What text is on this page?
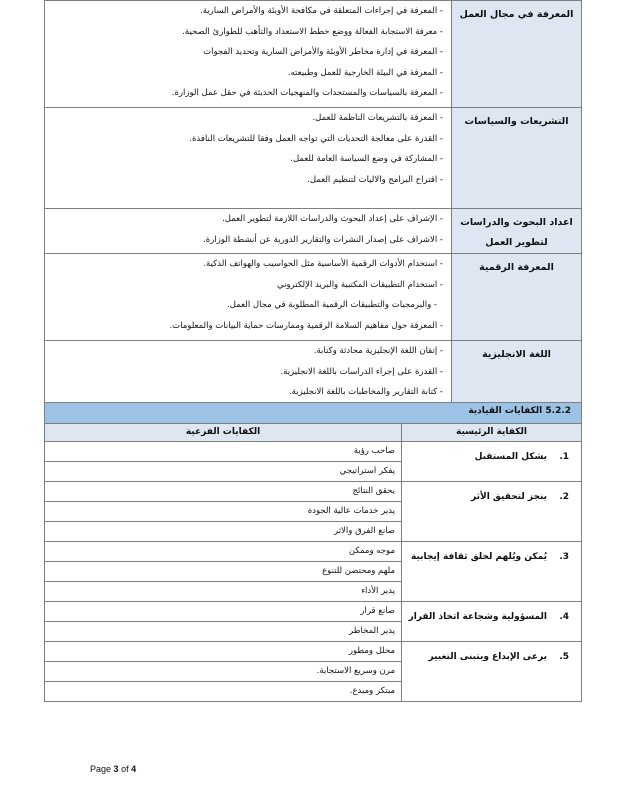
المعرفة في مجال العمل	- المعرفة في إجراءات المتعلقة في مكافحة الأوبئة والأمراض السارية.
- معرفة الاستجابة الفعالة ووضع خطط الاستعداد والتأهب للطوارئ الصحية.
- المعرفة في إدارة مخاطر الأوبئة والأمراض السارية وتحديد الفجوات
- المعرفة في البيئة الخارجية للعمل وطبيعته.
- المعرفة بالسياسات والمستجدات والمنهجيات الحديثة في حقل عمل الوزارة.

التشريعات والسياسات	- المعرفة بالتشريعات الناظمة للعمل.
- القدرة على معالجة التحديات التي تواجه العمل وفقا للتشريعات النافذة.
- المشاركة في وضع السياسة العامة للعمل.
- اقتراح البرامج والاليات لتنظيم العمل.

اعداد البحوث والدراسات لتطوير العمل	- الإشراف على إعداد البحوث والدراسات اللازمة لتطوير العمل.
- الاشراف على إصدار النشرات والتقارير الدورية عن أنشطة الوزارة.

المعرفة الرقمية	- استخدام الأدوات الرقمية الأساسية مثل الحواسيب والهواتف الذكية.
- استخدام التطبيقات المكتبية والبريد الإلكتروني
- والبرمجيات والتطبيقات الرقمية المطلوبة في مجال العمل.
- المعرفة حول مفاهيم السلامة الرقمية وممارسات حماية البيانات والمعلومات.

اللغة الانجليزية	- إتقان اللغة الإنجليزية محادثة وكتابة.
- القدرة على إجراء الدراسات باللغة الانجليزية.
- كتابة التقارير والمخاطبات باللغة الانجليزية.
5.2.2 الكفايات القيادية	
الكفاية الرئيسية	الكفايات الفرعية
1.يشكل المستقبل	صاحب رؤية
	يفكر استراتيجي
2.ينجز لتحقيق الأثر	يحقق النتائج
	يدير خدمات عالية الجودة
	صانع الفرق والاثر
3.يُمكن ويُلهم لخلق ثقافة إيجابية	موجه وممكن
	ملهم ومحتضن للتنوع
	يدير الأداء
4.المسؤولية وشجاعة اتخاذ القرار	صانع قرار
	يدير المخاطر
5.يرعى الإبداع ويتبنى التغيير	محلل ومطور
	مرن وسريع الاستجابة.
	مبتكر ومبدع.
Page 3 of 4
